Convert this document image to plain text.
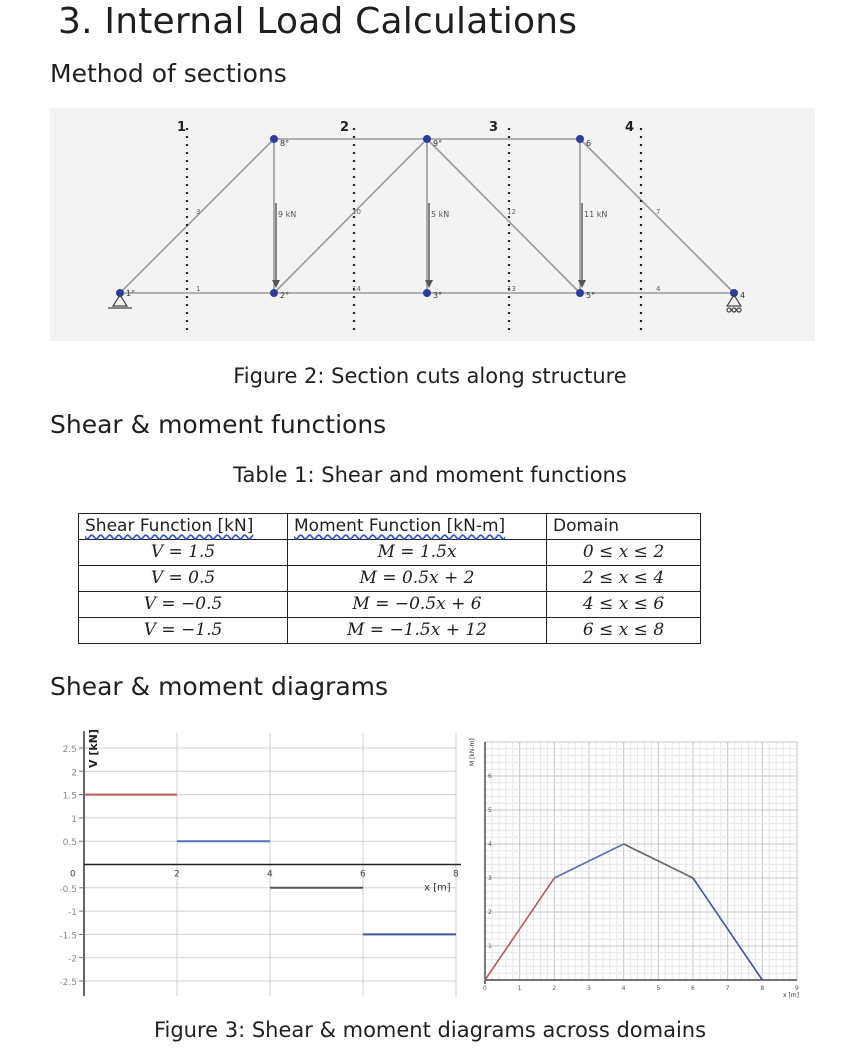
3. Internal Load Calculations
Method of sections
1	2	3	4
1°	2°	3°	4
5°
6
8°	9°
1
3
4
7
10	12
13
14
9 kN	5 kN	11 kN
Figure 2: Section cuts along structure
Shear & moment functions
Table 1: Shear and moment functions
Shear Function [kN]	Moment Function [kN-m]	Domain
V = 1.5	M = 1.5x	0 ≤ x ≤ 2
V = 0.5	M = 0.5x + 2	2 ≤ x ≤ 4
V = −0.5	M = −0.5x + 6	4 ≤ x ≤ 6
V = −1.5	M = −1.5x + 12	6 ≤ x ≤ 8
Shear & moment diagrams
2.5
2
1.5
1
0.5
-0.5
-1
-1.5
-2
-2.5
0	2	4	6	8
V [kN]
x [m]
0	1	2	3	4	5	6	7	8	9
1
2
3
4
5
6
M [kN-m]
x [m]
Figure 3: Shear & moment diagrams across domains
